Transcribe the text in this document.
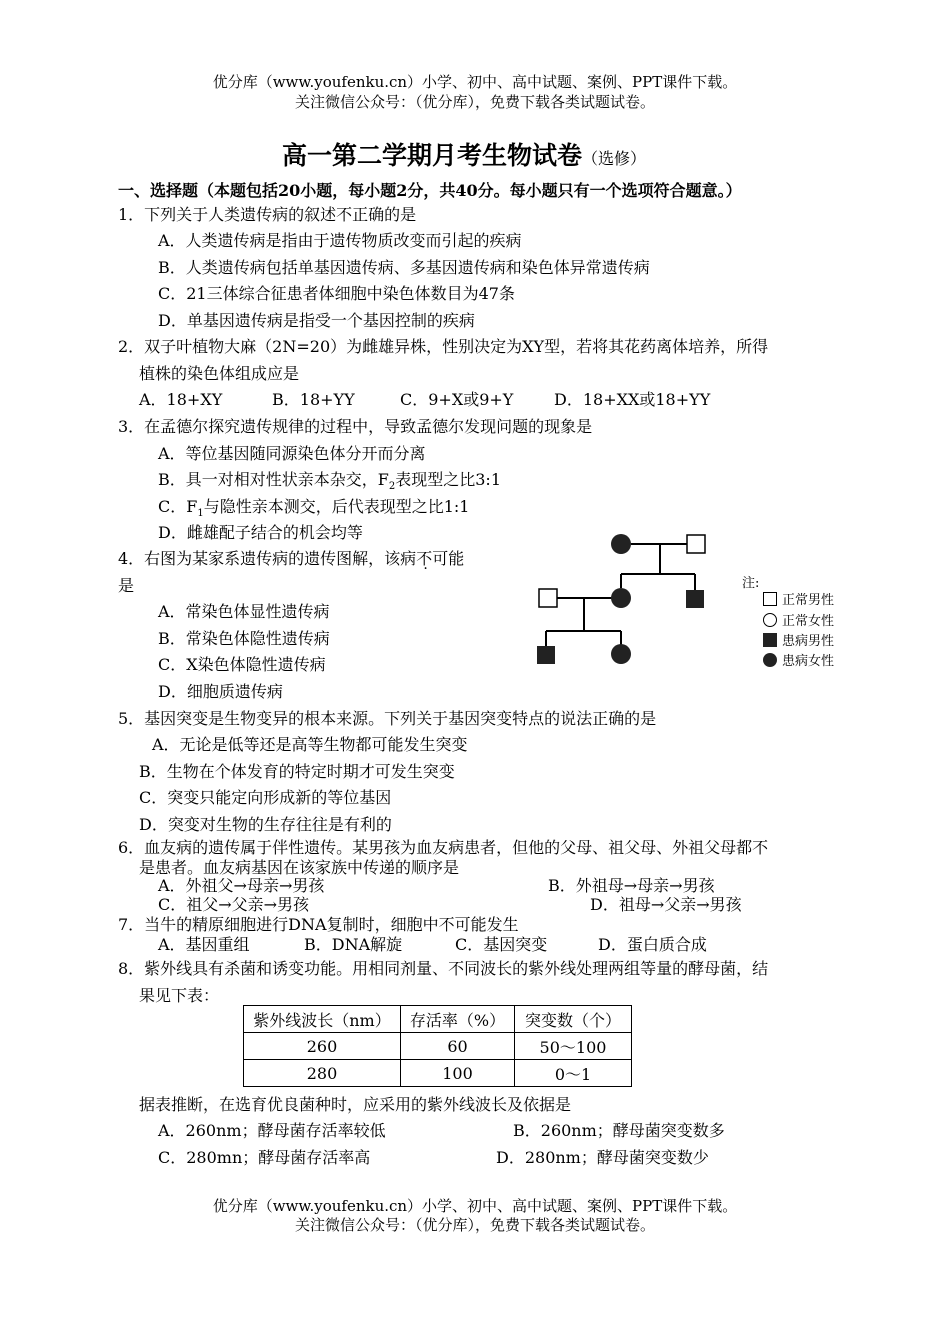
优分库（www.youfenku.cn）小学、初中、高中试题、案例、PPT课件下载。
关注微信公众号：（优分库），免费下载各类试题试卷。
高一第二学期月考生物试卷（选修）
一、选择题（本题包括20小题，每小题2分，共40分。每小题只有一个选项符合题意。）
1．下列关于人类遗传病的叙述不正确的是
A．人类遗传病是指由于遗传物质改变而引起的疾病
B．人类遗传病包括单基因遗传病、多基因遗传病和染色体异常遗传病
C．21三体综合征患者体细胞中染色体数目为47条
D．单基因遗传病是指受一个基因控制的疾病
2．双子叶植物大麻（2N=20）为雌雄异株，性别决定为XY型，若将其花药离体培养，所得
植株的染色体组成应是
A．18+XY	B．18+YY	C．9+X或9+Y	D．18+XX或18+YY
3．在孟德尔探究遗传规律的过程中，导致孟德尔发现问题的现象是
A．等位基因随同源染色体分开而分离
B．具一对相对性状亲本杂交，$F_2$表现型之比3:1
C．$F_1$与隐性亲本测交，后代表现型之比1:1
D．雌雄配子结合的机会均等
4．右图为某家系遗传病的遗传图解，该病不可能
是
A．常染色体显性遗传病
B．常染色体隐性遗传病
C．X染色体隐性遗传病
D．细胞质遗传病
注:
正常男性
正常女性
患病男性
患病女性
5．基因突变是生物变异的根本来源。下列关于基因突变特点的说法正确的是
A．无论是低等还是高等生物都可能发生突变
B．生物在个体发育的特定时期才可发生突变
C．突变只能定向形成新的等位基因
D．突变对生物的生存往往是有利的
6．血友病的遗传属于伴性遗传。某男孩为血友病患者，但他的父母、祖父母、外祖父母都不
是患者。血友病基因在该家族中传递的顺序是
A．外祖父→母亲→男孩	B．外祖母→母亲→男孩
C．祖父→父亲→男孩	D．祖母→父亲→男孩
7．当牛的精原细胞进行DNA复制时，细胞中不可能发生
A．基因重组	B．DNA解旋	C．基因突变	D．蛋白质合成
8．紫外线具有杀菌和诱变功能。用相同剂量、不同波长的紫外线处理两组等量的酵母菌，结
果见下表：
紫外线波长（nm）	存活率（%）	突变数（个）
260	60	50～100
280	100	0～1
据表推断，在选育优良菌种时，应采用的紫外线波长及依据是
A．260nm；酵母菌存活率较低	B．260nm；酵母菌突变数多
C．280mn；酵母菌存活率高	D．280nm；酵母菌突变数少
优分库（www.youfenku.cn）小学、初中、高中试题、案例、PPT课件下载。
关注微信公众号：（优分库），免费下载各类试题试卷。
